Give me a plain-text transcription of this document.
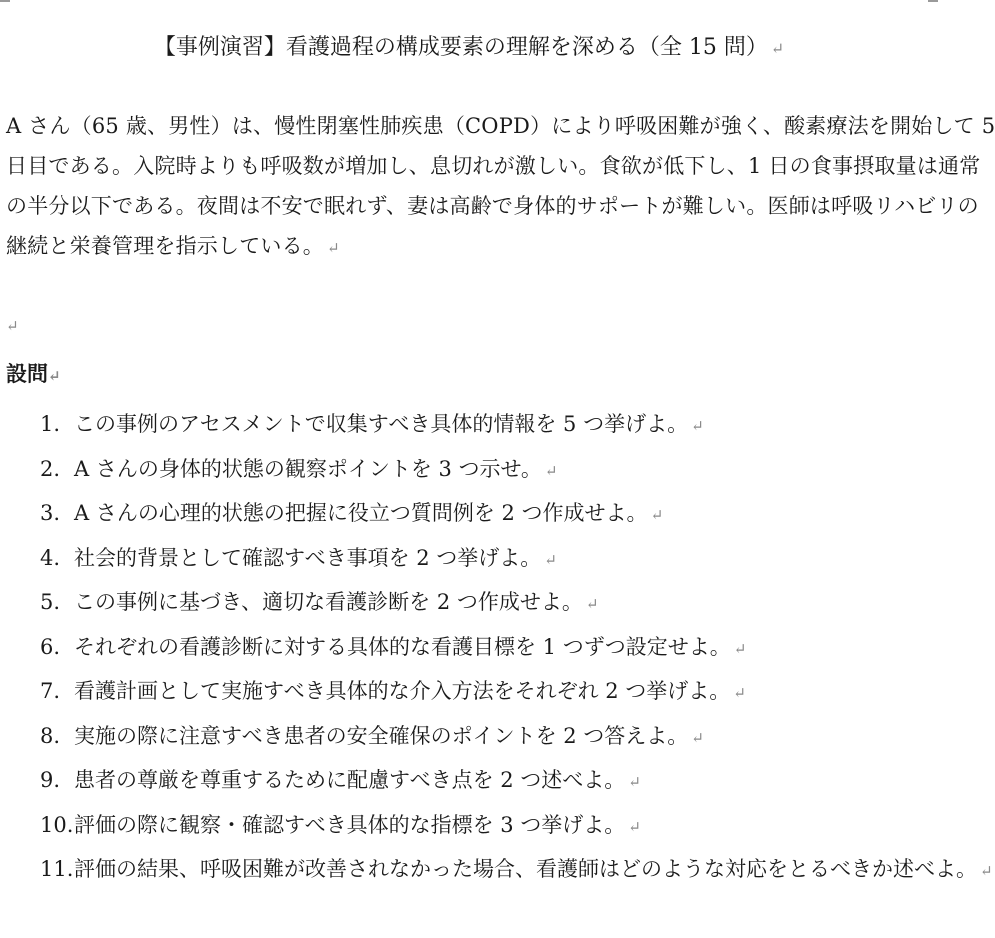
【事例演習】看護過程の構成要素の理解を深める（全 15 問） ↵
A さん（65 歳、男性）は、慢性閉塞性肺疾患（COPD）により呼吸困難が強く、酸素療法を開始して 5
日目である。入院時よりも呼吸数が増加し、息切れが激しい。食欲が低下し、1 日の食事摂取量は通常
の半分以下である。夜間は不安で眠れず、妻は高齢で身体的サポートが難しい。医師は呼吸リハビリの
継続と栄養管理を指示している。 ↵
↵
設問↵
1. この事例のアセスメントで収集すべき具体的情報を 5 つ挙げよ。 ↵
2. A さんの身体的状態の観察ポイントを 3 つ示せ。 ↵
3. A さんの心理的状態の把握に役立つ質問例を 2 つ作成せよ。 ↵
4. 社会的背景として確認すべき事項を 2 つ挙げよ。 ↵
5. この事例に基づき、適切な看護診断を 2 つ作成せよ。 ↵
6. それぞれの看護診断に対する具体的な看護目標を 1 つずつ設定せよ。 ↵
7. 看護計画として実施すべき具体的な介入方法をそれぞれ 2 つ挙げよ。 ↵
8. 実施の際に注意すべき患者の安全確保のポイントを 2 つ答えよ。 ↵
9. 患者の尊厳を尊重するために配慮すべき点を 2 つ述べよ。 ↵
10.評価の際に観察・確認すべき具体的な指標を 3 つ挙げよ。 ↵
11.評価の結果、呼吸困難が改善されなかった場合、看護師はどのような対応をとるべきか述べよ。 ↵
